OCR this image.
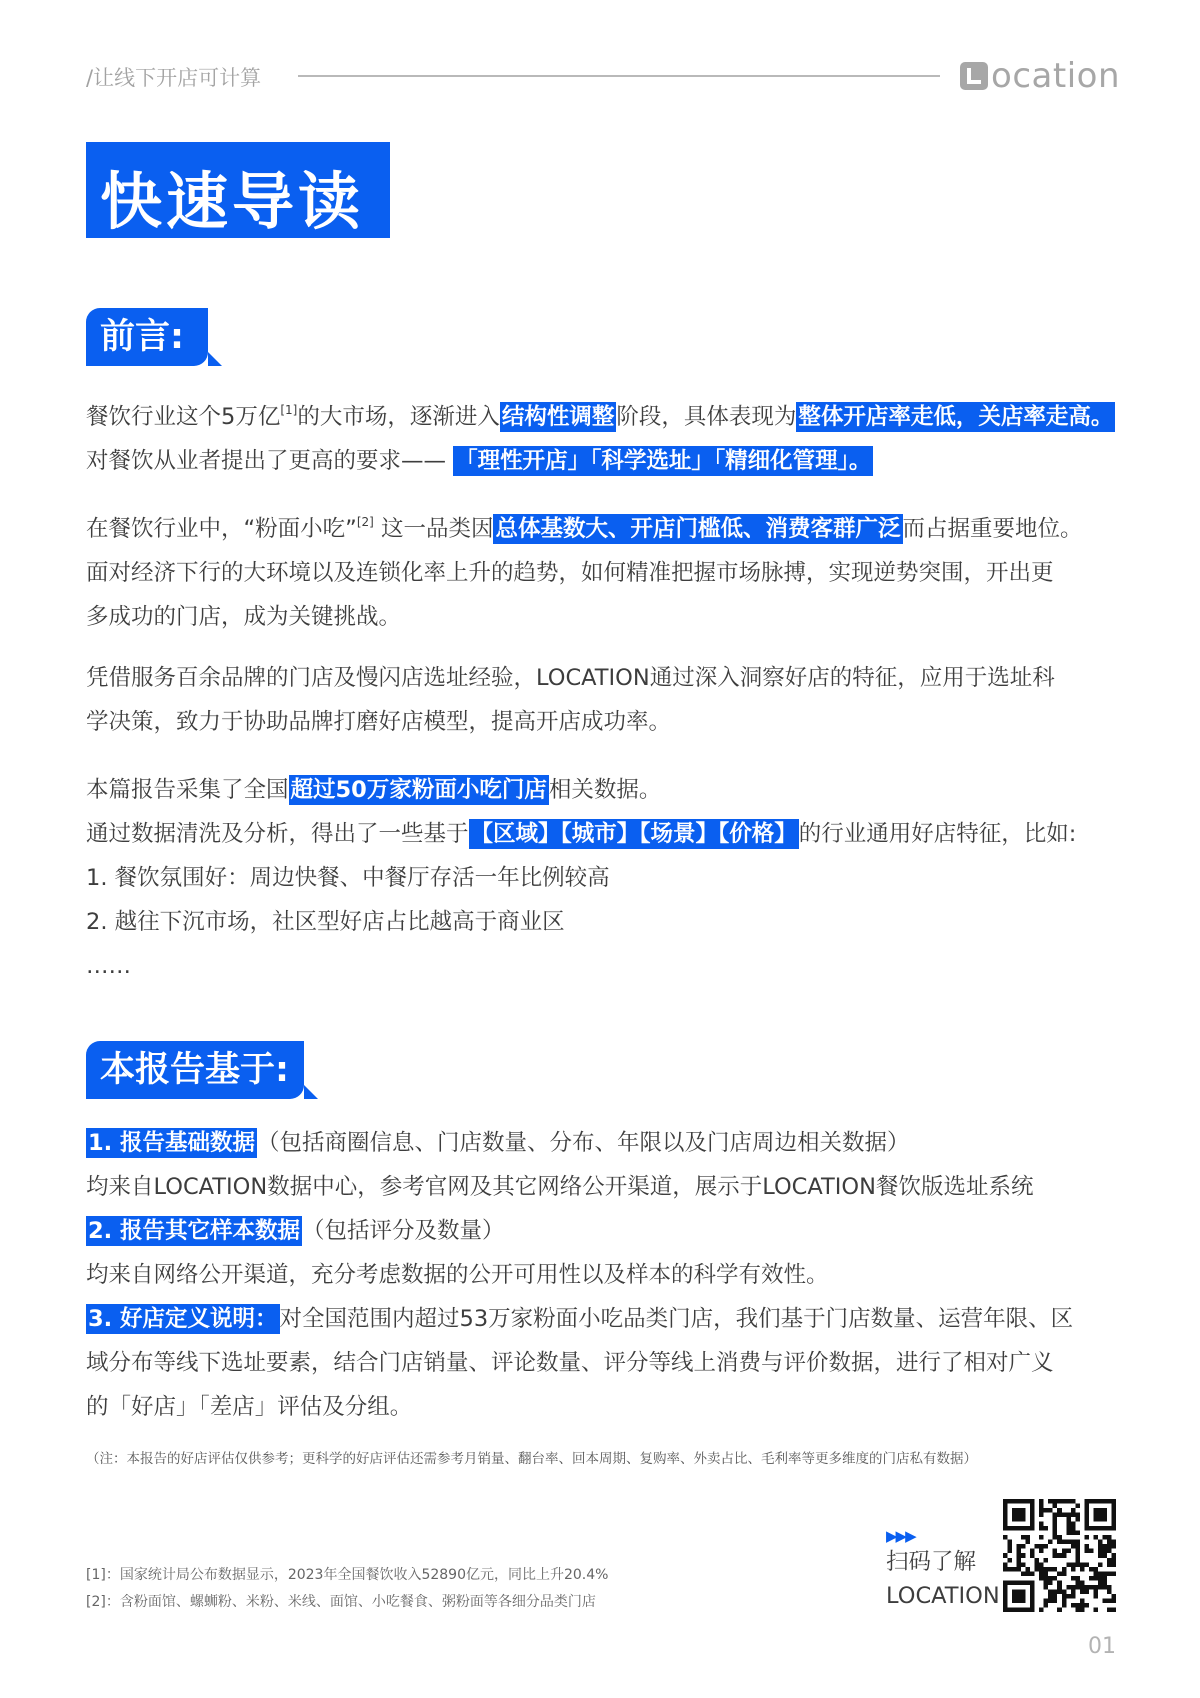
/让线下开店可计算	ocation
快速导读
前言:
餐饮行业这个5万亿[1]的大市场，逐渐进入结构性调整阶段，具体表现为整体开店率走低，关店率走高。
对餐饮从业者提出了更高的要求—— 「理性开店」「科学选址」「精细化管理」。
在餐饮行业中，“粉面小吃”[2] 这一品类因总体基数大、开店门槛低、消费客群广泛而占据重要地位。
面对经济下行的大环境以及连锁化率上升的趋势，如何精准把握市场脉搏，实现逆势突围，开出更
多成功的门店，成为关键挑战。
凭借服务百余品牌的门店及慢闪店选址经验，LOCATION通过深入洞察好店的特征，应用于选址科
学决策，致力于协助品牌打磨好店模型，提高开店成功率。
本篇报告采集了全国超过50万家粉面小吃门店相关数据。
通过数据清洗及分析，得出了一些基于【区域】【城市】【场景】【价格】的行业通用好店特征，比如:
1. 餐饮氛围好：周边快餐、中餐厅存活一年比例较高
2. 越往下沉市场，社区型好店占比越高于商业区
……
本报告基于:
1. 报告基础数据（包括商圈信息、门店数量、分布、年限以及门店周边相关数据）
均来自LOCATION数据中心，参考官网及其它网络公开渠道，展示于LOCATION餐饮版选址系统
2. 报告其它样本数据（包括评分及数量）
均来自网络公开渠道，充分考虑数据的公开可用性以及样本的科学有效性。
3. 好店定义说明：对全国范围内超过53万家粉面小吃品类门店，我们基于门店数量、运营年限、区
域分布等线下选址要素，结合门店销量、评论数量、评分等线上消费与评价数据，进行了相对广义
的「好店」「差店」评估及分组。
（注：本报告的好店评估仅供参考；更科学的好店评估还需参考月销量、翻台率、回本周期、复购率、外卖占比、毛利率等更多维度的门店私有数据）
[1]：国家统计局公布数据显示，2023年全国餐饮收入52890亿元，同比上升20.4%
[2]：含粉面馆、螺蛳粉、米粉、米线、面馆、小吃餐食、粥粉面等各细分品类门店
▶▶▶
扫码了解
LOCATION
01
